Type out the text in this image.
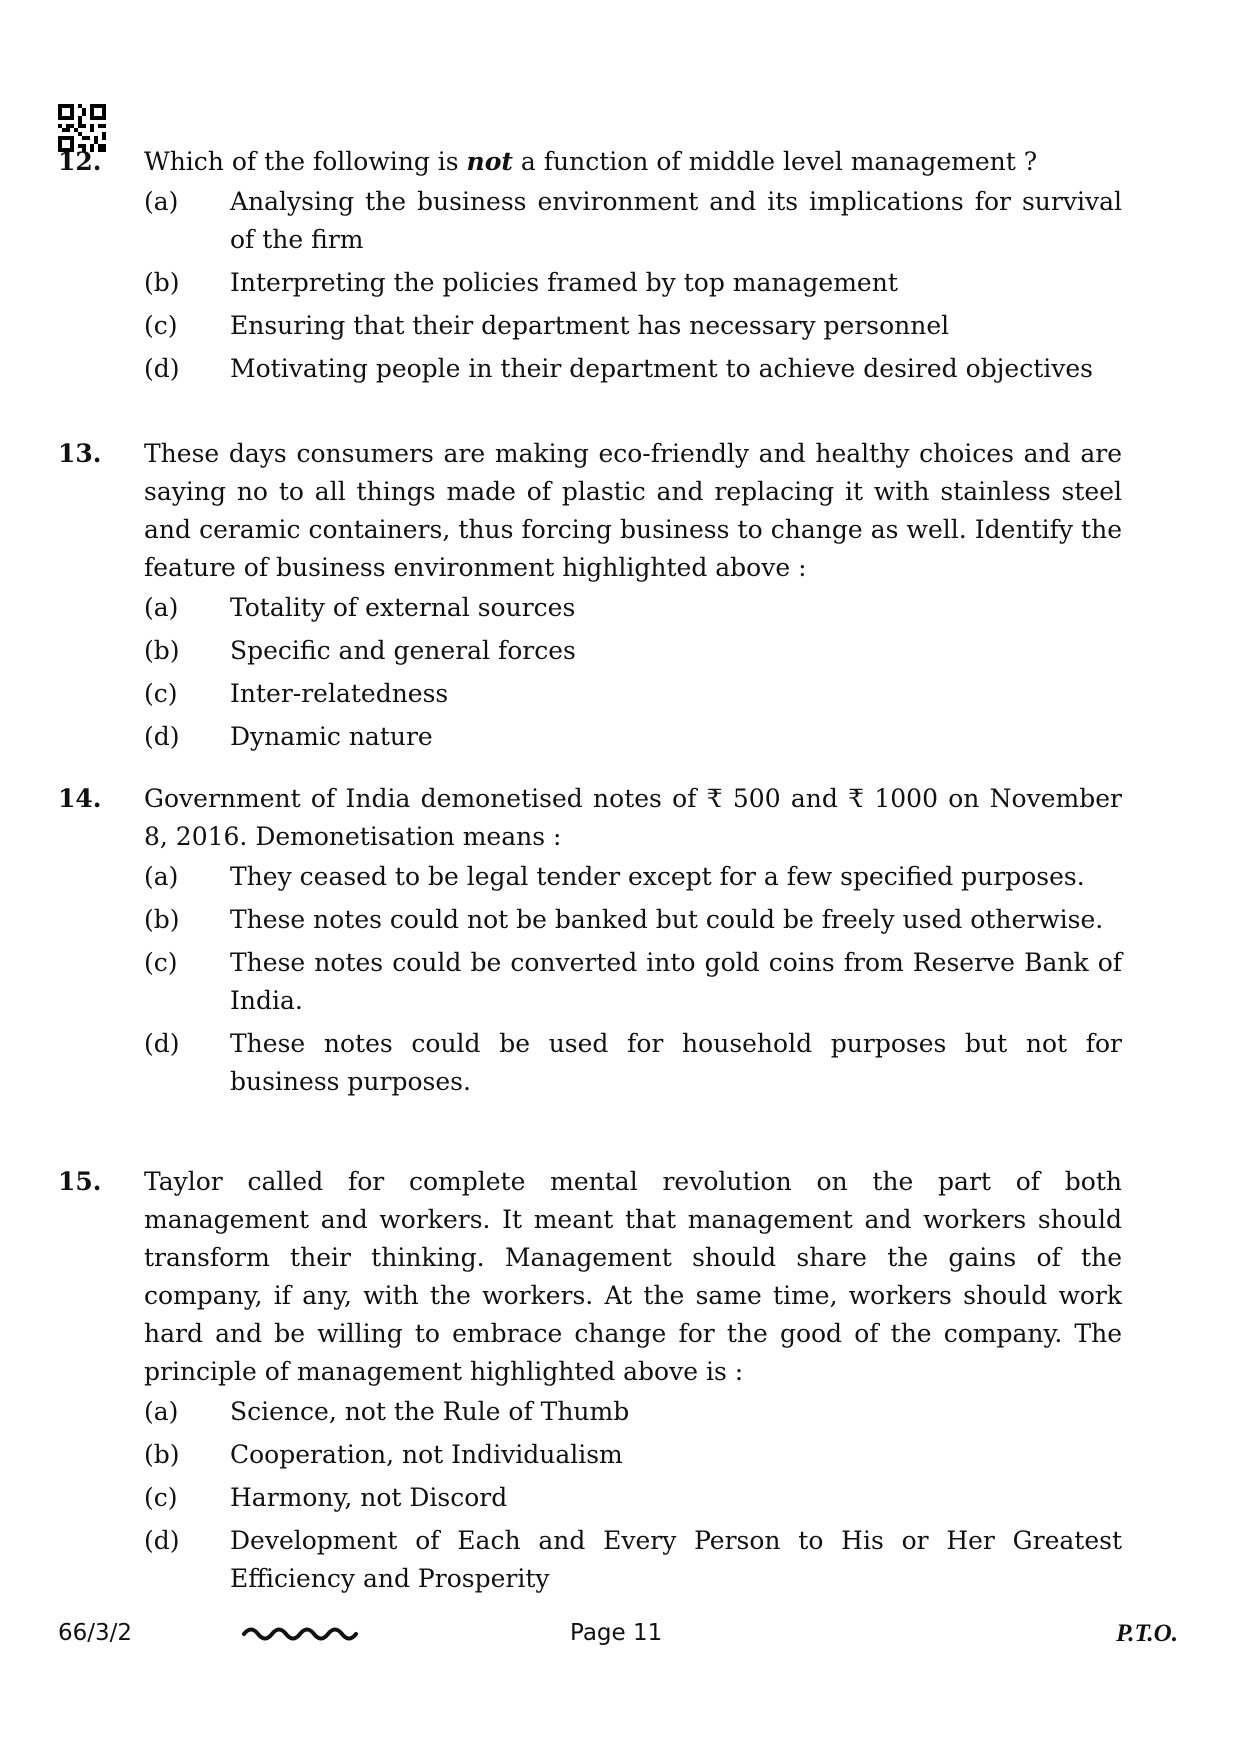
12. Which of the following is not a function of middle level management ?
(a) Analysing the business environment and its implications for survival of the firm
(b) Interpreting the policies framed by top management
(c) Ensuring that their department has necessary personnel
(d) Motivating people in their department to achieve desired objectives
13. These days consumers are making eco-friendly and healthy choices and are saying no to all things made of plastic and replacing it with stainless steel and ceramic containers, thus forcing business to change as well. Identify the feature of business environment highlighted above :
(a) Totality of external sources
(b) Specific and general forces
(c) Inter-relatedness
(d) Dynamic nature
14. Government of India demonetised notes of ₹ 500 and ₹ 1000 on November 8, 2016. Demonetisation means :
(a) They ceased to be legal tender except for a few specified purposes.
(b) These notes could not be banked but could be freely used otherwise.
(c) These notes could be converted into gold coins from Reserve Bank of India.
(d) These notes could be used for household purposes but not for business purposes.
15. Taylor called for complete mental revolution on the part of both management and workers. It meant that management and workers should transform their thinking. Management should share the gains of the company, if any, with the workers. At the same time, workers should work hard and be willing to embrace change for the good of the company. The principle of management highlighted above is :
(a) Science, not the Rule of Thumb
(b) Cooperation, not Individualism
(c) Harmony, not Discord
(d) Development of Each and Every Person to His or Her Greatest Efficiency and Prosperity
66/3/2	Page 11	P.T.O.
